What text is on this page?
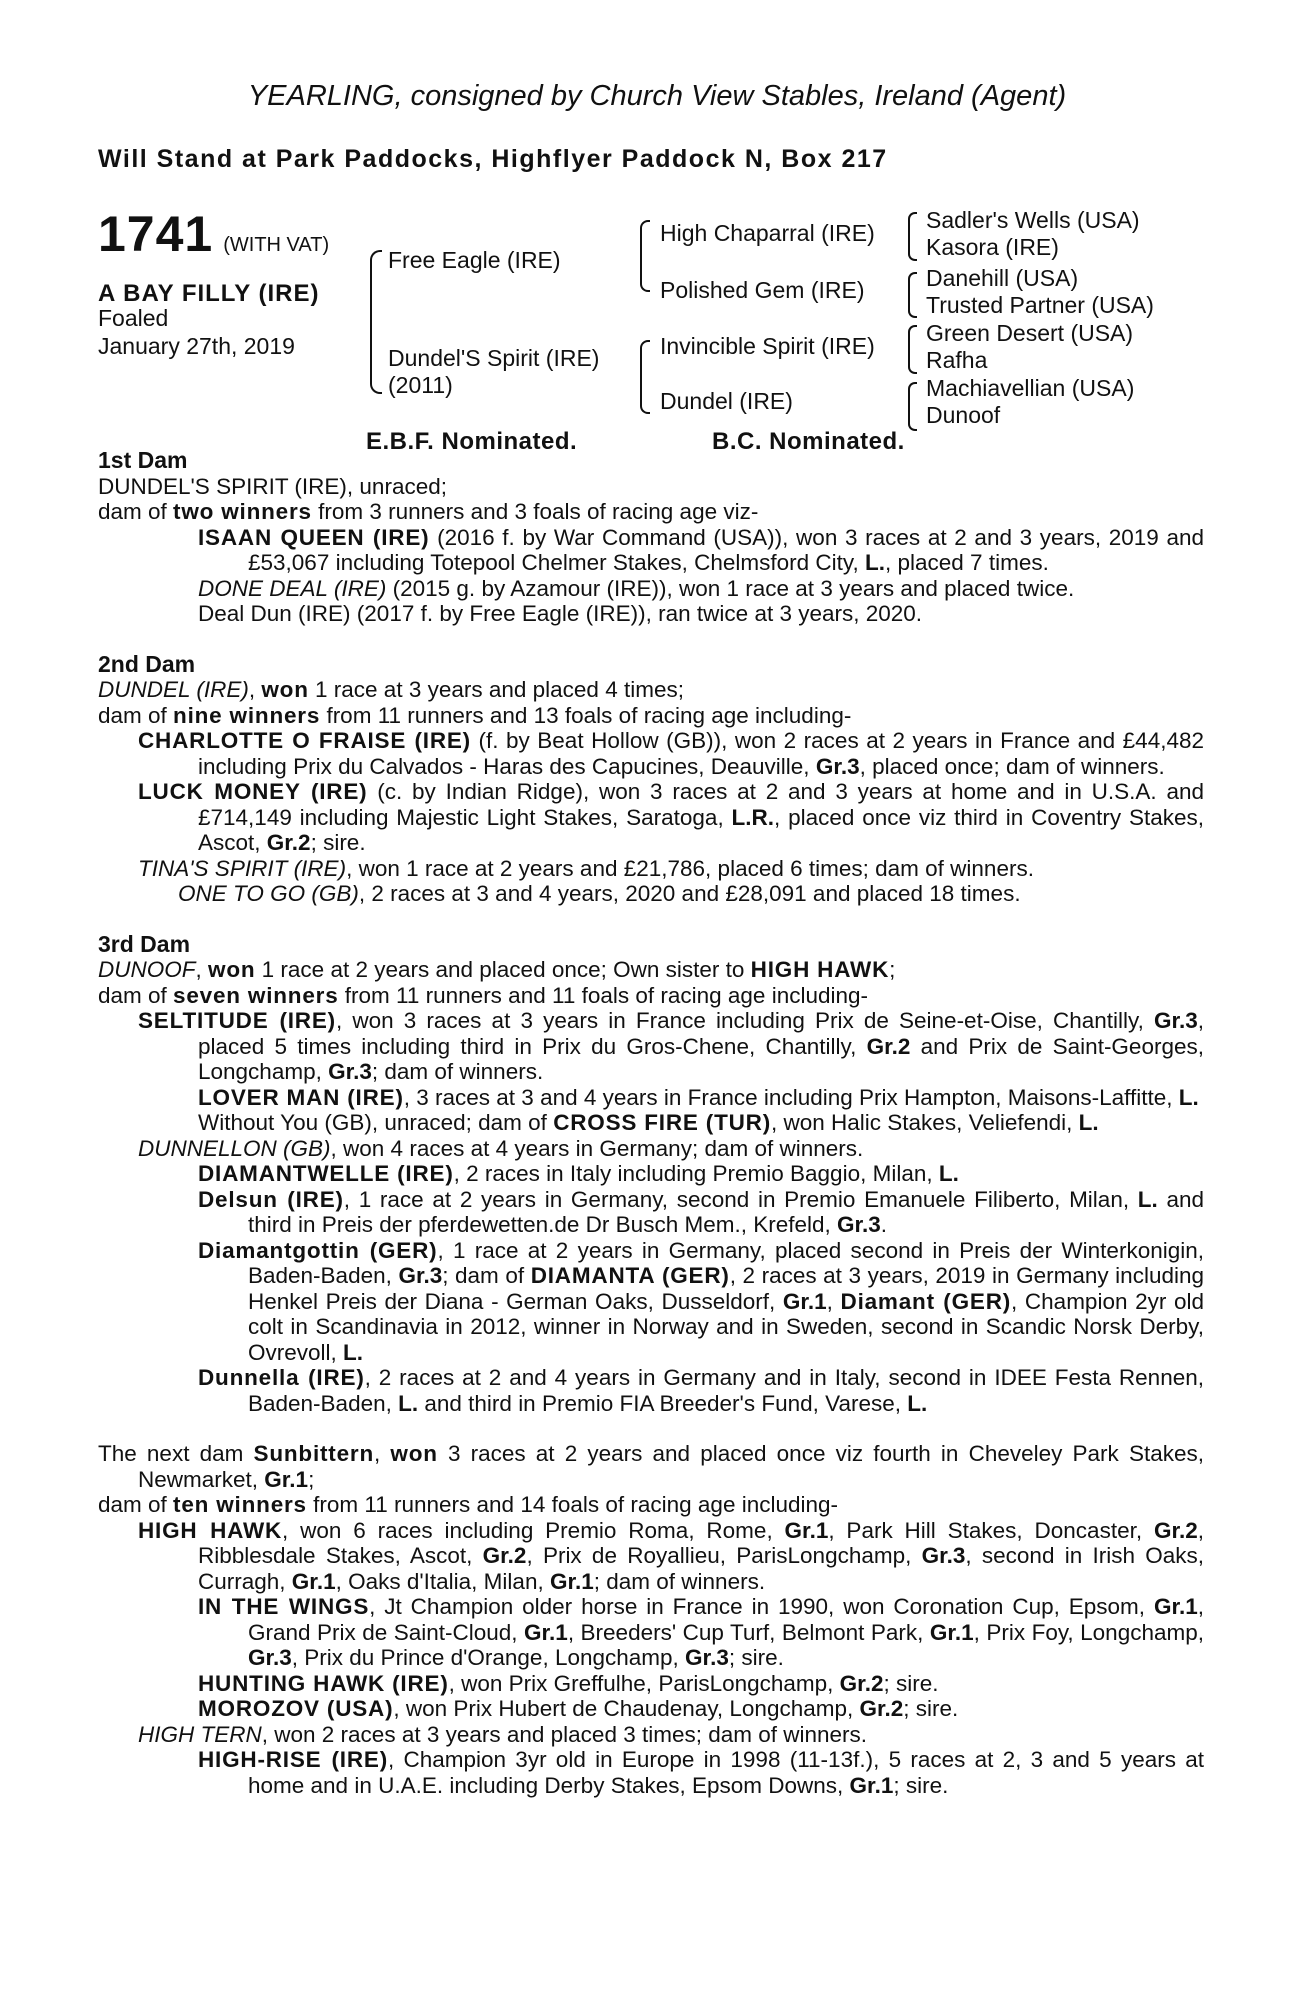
YEARLING, consigned by Church View Stables, Ireland (Agent)
Will Stand at Park Paddocks, Highflyer Paddock N, Box 217
1741 (WITH VAT)
A BAY FILLY (IRE)
Foaled
January 27th, 2019
Free Eagle (IRE)
Dundel'S Spirit (IRE)
(2011)
High Chaparral (IRE)
Polished Gem (IRE)
Invincible Spirit (IRE)
Dundel (IRE)
Sadler's Wells (USA)
Kasora (IRE)
Danehill (USA)
Trusted Partner (USA)
Green Desert (USA)
Rafha
Machiavellian (USA)
Dunoof
E.B.F. Nominated.	B.C. Nominated.
1st Dam
DUNDEL'S SPIRIT (IRE), unraced;
dam of two winners from 3 runners and 3 foals of racing age viz-
ISAAN QUEEN (IRE) (2016 f. by War Command (USA)), won 3 races at 2 and 3 years, 2019 and £53,067 including Totepool Chelmer Stakes, Chelmsford City, L., placed 7 times.
DONE DEAL (IRE) (2015 g. by Azamour (IRE)), won 1 race at 3 years and placed twice.
Deal Dun (IRE) (2017 f. by Free Eagle (IRE)), ran twice at 3 years, 2020.
2nd Dam
DUNDEL (IRE), won 1 race at 3 years and placed 4 times;
dam of nine winners from 11 runners and 13 foals of racing age including-
CHARLOTTE O FRAISE (IRE) (f. by Beat Hollow (GB)), won 2 races at 2 years in France and £44,482 including Prix du Calvados - Haras des Capucines, Deauville, Gr.3, placed once; dam of winners.
LUCK MONEY (IRE) (c. by Indian Ridge), won 3 races at 2 and 3 years at home and in U.S.A. and £714,149 including Majestic Light Stakes, Saratoga, L.R., placed once viz third in Coventry Stakes, Ascot, Gr.2; sire.
TINA'S SPIRIT (IRE), won 1 race at 2 years and £21,786, placed 6 times; dam of winners.
ONE TO GO (GB), 2 races at 3 and 4 years, 2020 and £28,091 and placed 18 times.
3rd Dam
DUNOOF, won 1 race at 2 years and placed once; Own sister to HIGH HAWK;
dam of seven winners from 11 runners and 11 foals of racing age including-
SELTITUDE (IRE), won 3 races at 3 years in France including Prix de Seine-et-Oise, Chantilly, Gr.3, placed 5 times including third in Prix du Gros-Chene, Chantilly, Gr.2 and Prix de Saint-Georges, Longchamp, Gr.3; dam of winners.
LOVER MAN (IRE), 3 races at 3 and 4 years in France including Prix Hampton, Maisons-Laffitte, L.
Without You (GB), unraced; dam of CROSS FIRE (TUR), won Halic Stakes, Veliefendi, L.
DUNNELLON (GB), won 4 races at 4 years in Germany; dam of winners.
DIAMANTWELLE (IRE), 2 races in Italy including Premio Baggio, Milan, L.
Delsun (IRE), 1 race at 2 years in Germany, second in Premio Emanuele Filiberto, Milan, L. and third in Preis der pferdewetten.de Dr Busch Mem., Krefeld, Gr.3.
Diamantgottin (GER), 1 race at 2 years in Germany, placed second in Preis der Winterkonigin, Baden-Baden, Gr.3; dam of DIAMANTA (GER), 2 races at 3 years, 2019 in Germany including Henkel Preis der Diana - German Oaks, Dusseldorf, Gr.1, Diamant (GER), Champion 2yr old colt in Scandinavia in 2012, winner in Norway and in Sweden, second in Scandic Norsk Derby, Ovrevoll, L.
Dunnella (IRE), 2 races at 2 and 4 years in Germany and in Italy, second in IDEE Festa Rennen, Baden-Baden, L. and third in Premio FIA Breeder's Fund, Varese, L.
The next dam Sunbittern, won 3 races at 2 years and placed once viz fourth in Cheveley Park Stakes, Newmarket, Gr.1;
dam of ten winners from 11 runners and 14 foals of racing age including-
HIGH HAWK, won 6 races including Premio Roma, Rome, Gr.1, Park Hill Stakes, Doncaster, Gr.2, Ribblesdale Stakes, Ascot, Gr.2, Prix de Royallieu, ParisLongchamp, Gr.3, second in Irish Oaks, Curragh, Gr.1, Oaks d'Italia, Milan, Gr.1; dam of winners.
IN THE WINGS, Jt Champion older horse in France in 1990, won Coronation Cup, Epsom, Gr.1, Grand Prix de Saint-Cloud, Gr.1, Breeders' Cup Turf, Belmont Park, Gr.1, Prix Foy, Longchamp, Gr.3, Prix du Prince d'Orange, Longchamp, Gr.3; sire.
HUNTING HAWK (IRE), won Prix Greffulhe, ParisLongchamp, Gr.2; sire.
MOROZOV (USA), won Prix Hubert de Chaudenay, Longchamp, Gr.2; sire.
HIGH TERN, won 2 races at 3 years and placed 3 times; dam of winners.
HIGH-RISE (IRE), Champion 3yr old in Europe in 1998 (11-13f.), 5 races at 2, 3 and 5 years at home and in U.A.E. including Derby Stakes, Epsom Downs, Gr.1; sire.
